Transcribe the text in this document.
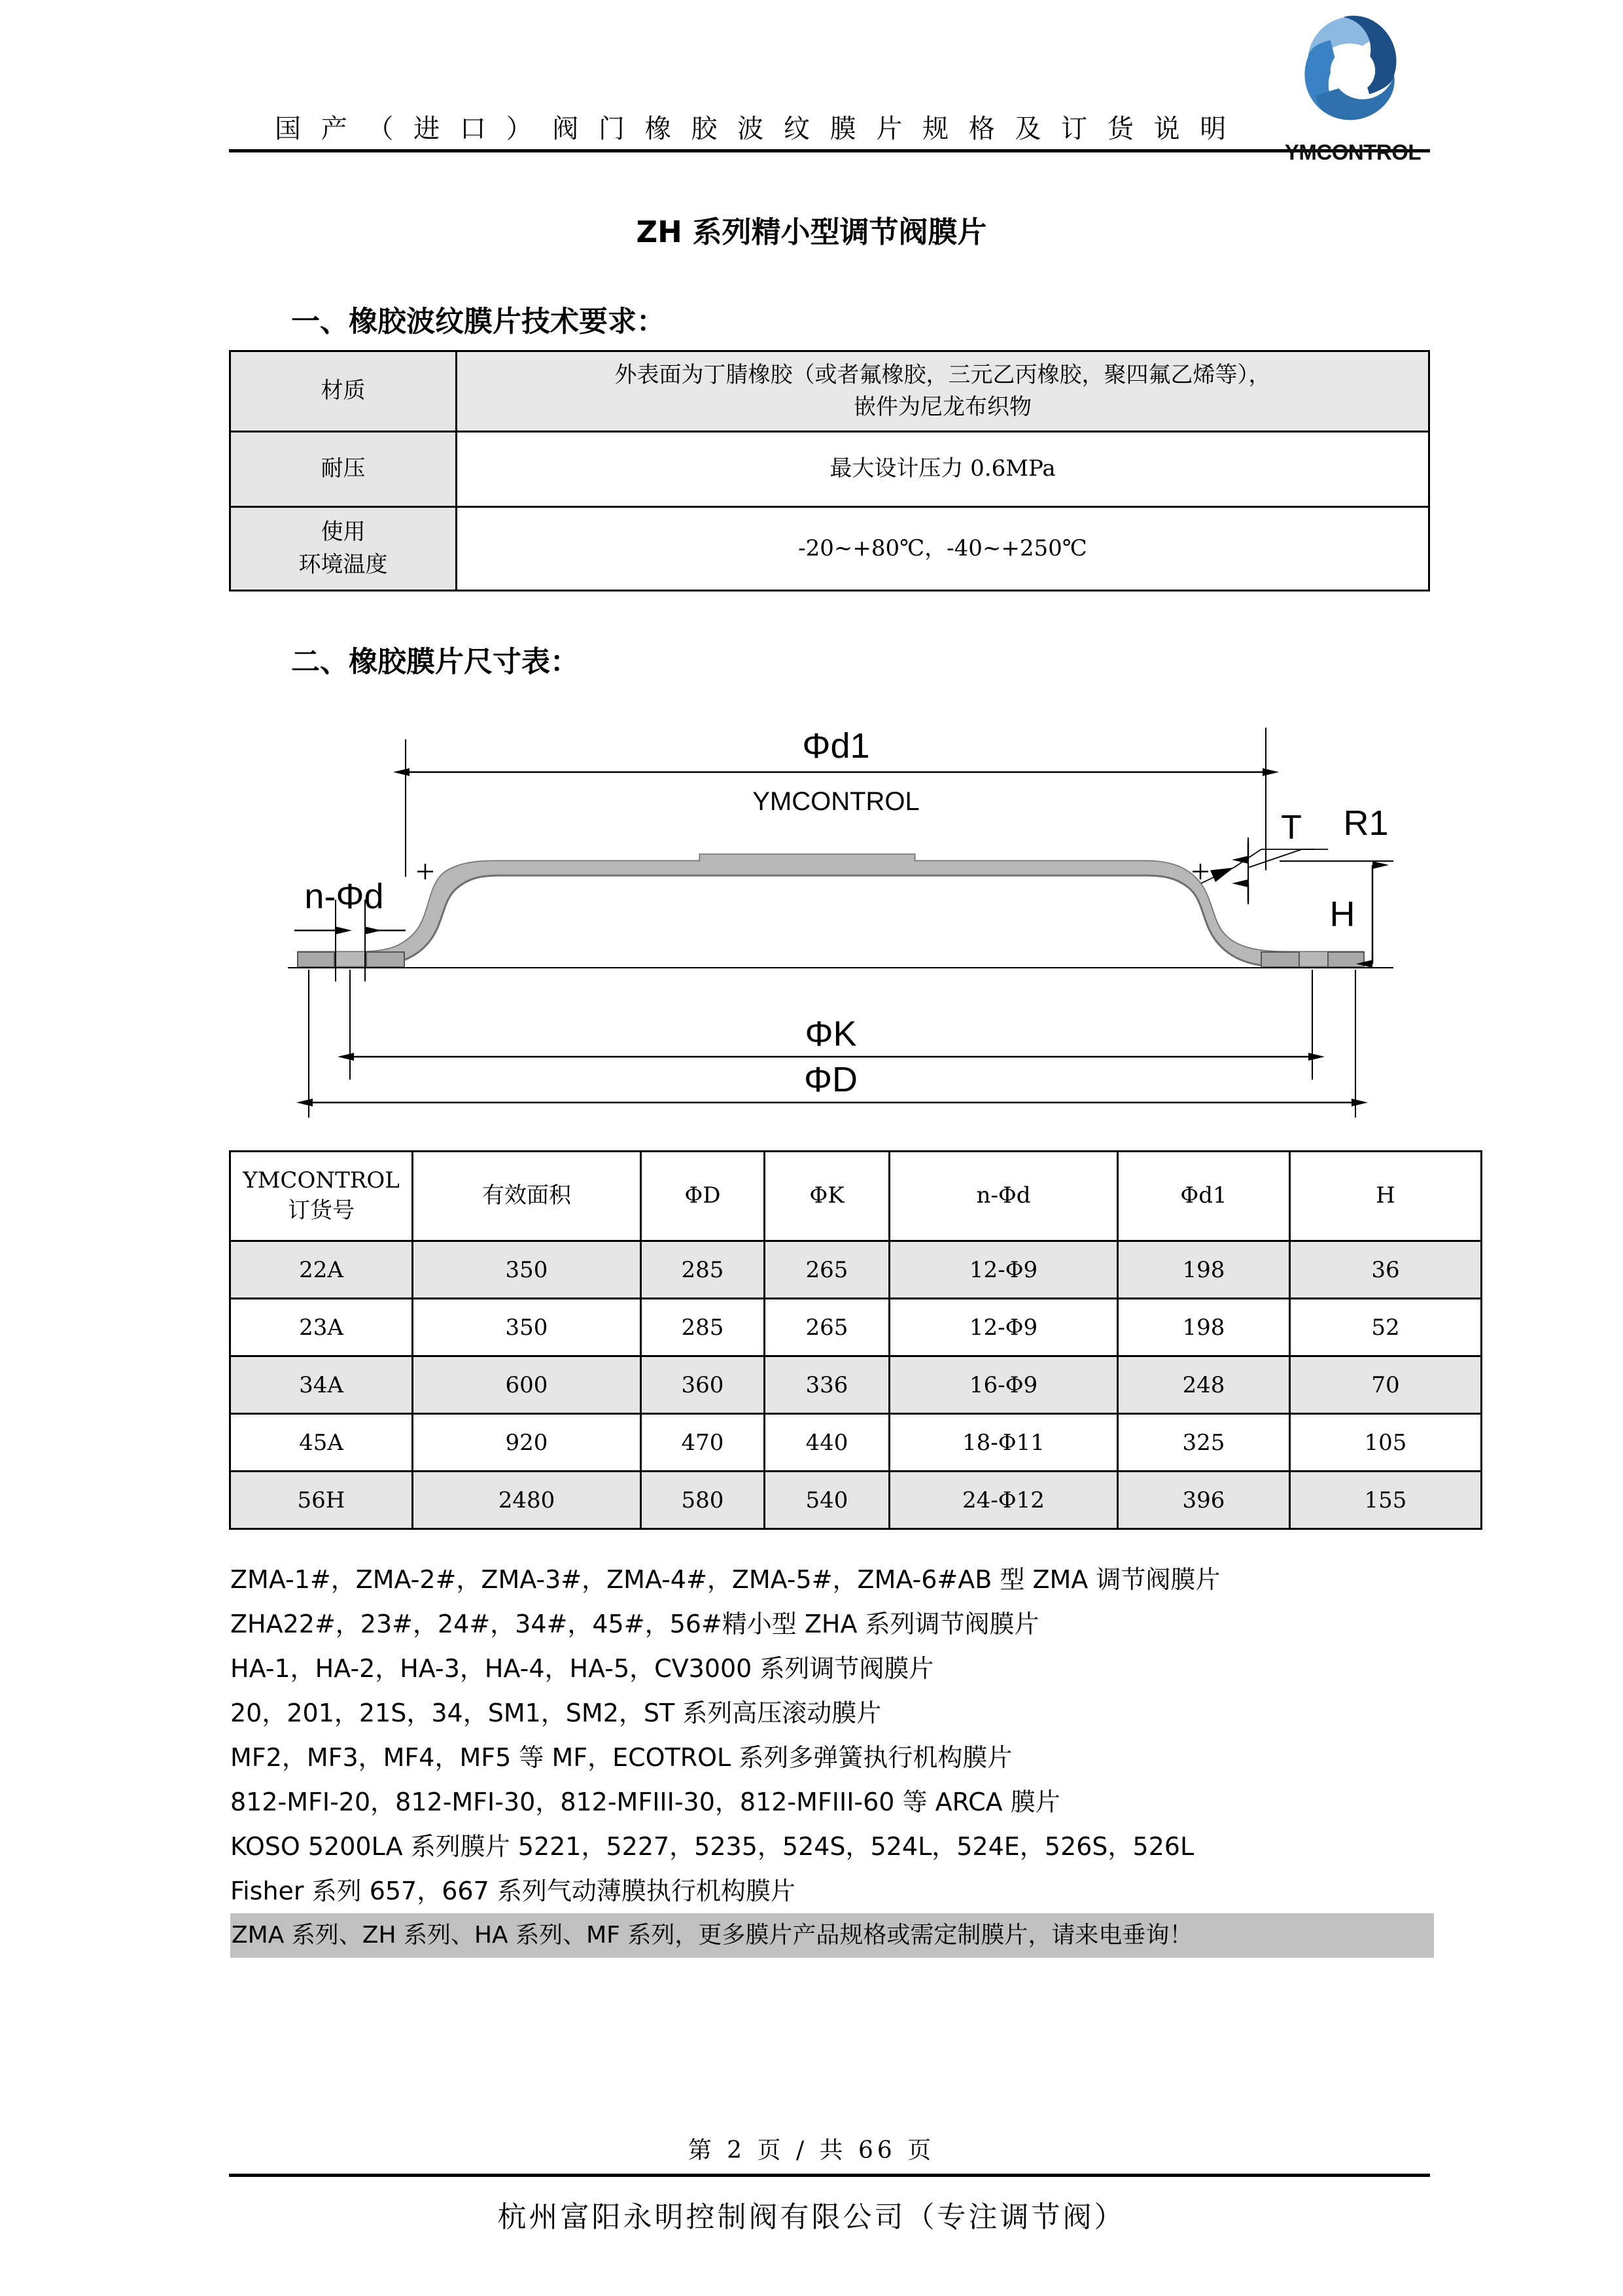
国 产 （ 进 口 ） 阀 门 橡 胶 波 纹 膜 片 规 格 及 订 货 说 明
YMCONTROL
ZH 系列精小型调节阀膜片
一、橡胶波纹膜片技术要求：
材质	外表面为丁腈橡胶（或者氟橡胶，三元乙丙橡胶，聚四氟乙烯等），
嵌件为尼龙布织物

耐压	最大设计压力 0.6MPa

使用
环境温度	-20~+80℃，-40~+250℃
二、橡胶膜片尺寸表：
Φd1
YMCONTROL
T R1
H
n-Φd
ΦK
ΦD
YMCONTROL
订货号	有效面积	ΦD	ΦK	n-Φd	Φd1	H
22A	350	285	265	12-Φ9	198	36
23A	350	285	265	12-Φ9	198	52
34A	600	360	336	16-Φ9	248	70
45A	920	470	440	18-Φ11	325	105
56H	2480	580	540	24-Φ12	396	155
ZMA-1#，ZMA-2#，ZMA-3#，ZMA-4#，ZMA-5#，ZMA-6#AB 型 ZMA 调节阀膜片
ZHA22#，23#，24#，34#，45#，56#精小型 ZHA 系列调节阀膜片
HA-1，HA-2，HA-3，HA-4，HA-5，CV3000 系列调节阀膜片
20，201，21S，34，SM1，SM2，ST 系列高压滚动膜片
MF2，MF3，MF4，MF5 等 MF，ECOTROL 系列多弹簧执行机构膜片
812-MFI-20，812-MFI-30，812-MFIII-30，812-MFIII-60 等 ARCA 膜片
KOSO 5200LA 系列膜片 5221，5227，5235，524S，524L，524E，526S，526L
Fisher 系列 657，667 系列气动薄膜执行机构膜片
ZMA 系列、ZH 系列、HA 系列、MF 系列，更多膜片产品规格或需定制膜片，请来电垂询！
第 2 页 / 共 66 页
杭州富阳永明控制阀有限公司（专注调节阀）
